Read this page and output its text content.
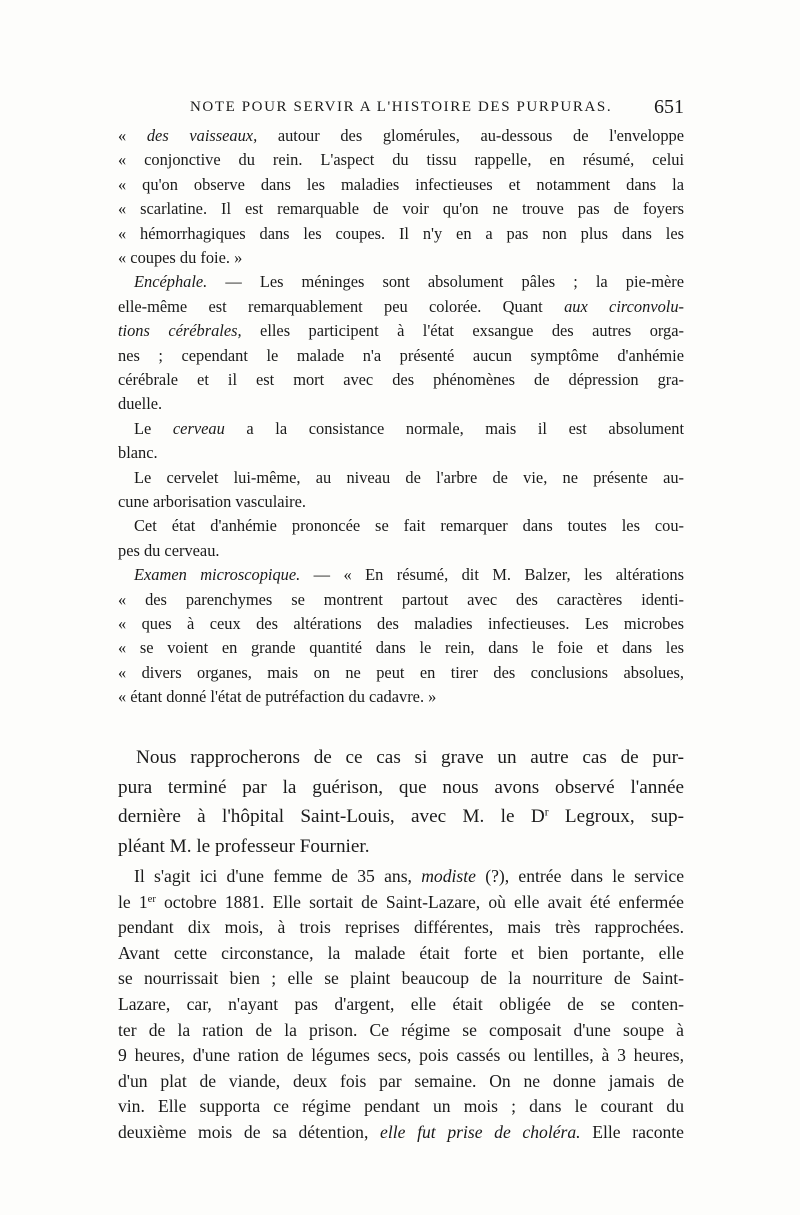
NOTE POUR SERVIR A L'HISTOIRE DES PURPURAS. 651
« des vaisseaux, autour des glomérules, au-dessous de l'enveloppe
« conjonctive du rein. L'aspect du tissu rappelle, en résumé, celui
« qu'on observe dans les maladies infectieuses et notamment dans la
« scarlatine. Il est remarquable de voir qu'on ne trouve pas de foyers
« hémorrhagiques dans les coupes. Il n'y en a pas non plus dans les
« coupes du foie. »
Encéphale. — Les méninges sont absolument pâles ; la pie-mère
elle-même est remarquablement peu colorée. Quant aux circonvolu-
tions cérébrales, elles participent à l'état exsangue des autres orga-
nes ; cependant le malade n'a présenté aucun symptôme d'anhémie
cérébrale et il est mort avec des phénomènes de dépression gra-
duelle.
Le cerveau a la consistance normale, mais il est absolument
blanc.
Le cervelet lui-même, au niveau de l'arbre de vie, ne présente au-
cune arborisation vasculaire.
Cet état d'anhémie prononcée se fait remarquer dans toutes les cou-
pes du cerveau.
Examen microscopique. — « En résumé, dit M. Balzer, les altérations
« des parenchymes se montrent partout avec des caractères identi-
« ques à ceux des altérations des maladies infectieuses. Les microbes
« se voient en grande quantité dans le rein, dans le foie et dans les
« divers organes, mais on ne peut en tirer des conclusions absolues,
« étant donné l'état de putréfaction du cadavre. »
Nous rapprocherons de ce cas si grave un autre cas de pur-
pura terminé par la guérison, que nous avons observé l'année
dernière à l'hôpital Saint-Louis, avec M. le $D^r$ Legroux, sup-
pléant M. le professeur Fournier.
Il s'agit ici d'une femme de 35 ans, modiste (?), entrée dans le service
le 1er octobre 1881. Elle sortait de Saint-Lazare, où elle avait été enfermée
pendant dix mois, à trois reprises différentes, mais très rapprochées.
Avant cette circonstance, la malade était forte et bien portante, elle
se nourrissait bien ; elle se plaint beaucoup de la nourriture de Saint-
Lazare, car, n'ayant pas d'argent, elle était obligée de se conten-
ter de la ration de la prison. Ce régime se composait d'une soupe à
9 heures, d'une ration de légumes secs, pois cassés ou lentilles, à 3 heures,
d'un plat de viande, deux fois par semaine. On ne donne jamais de
vin. Elle supporta ce régime pendant un mois ; dans le courant du
deuxième mois de sa détention, elle fut prise de choléra. Elle raconte
